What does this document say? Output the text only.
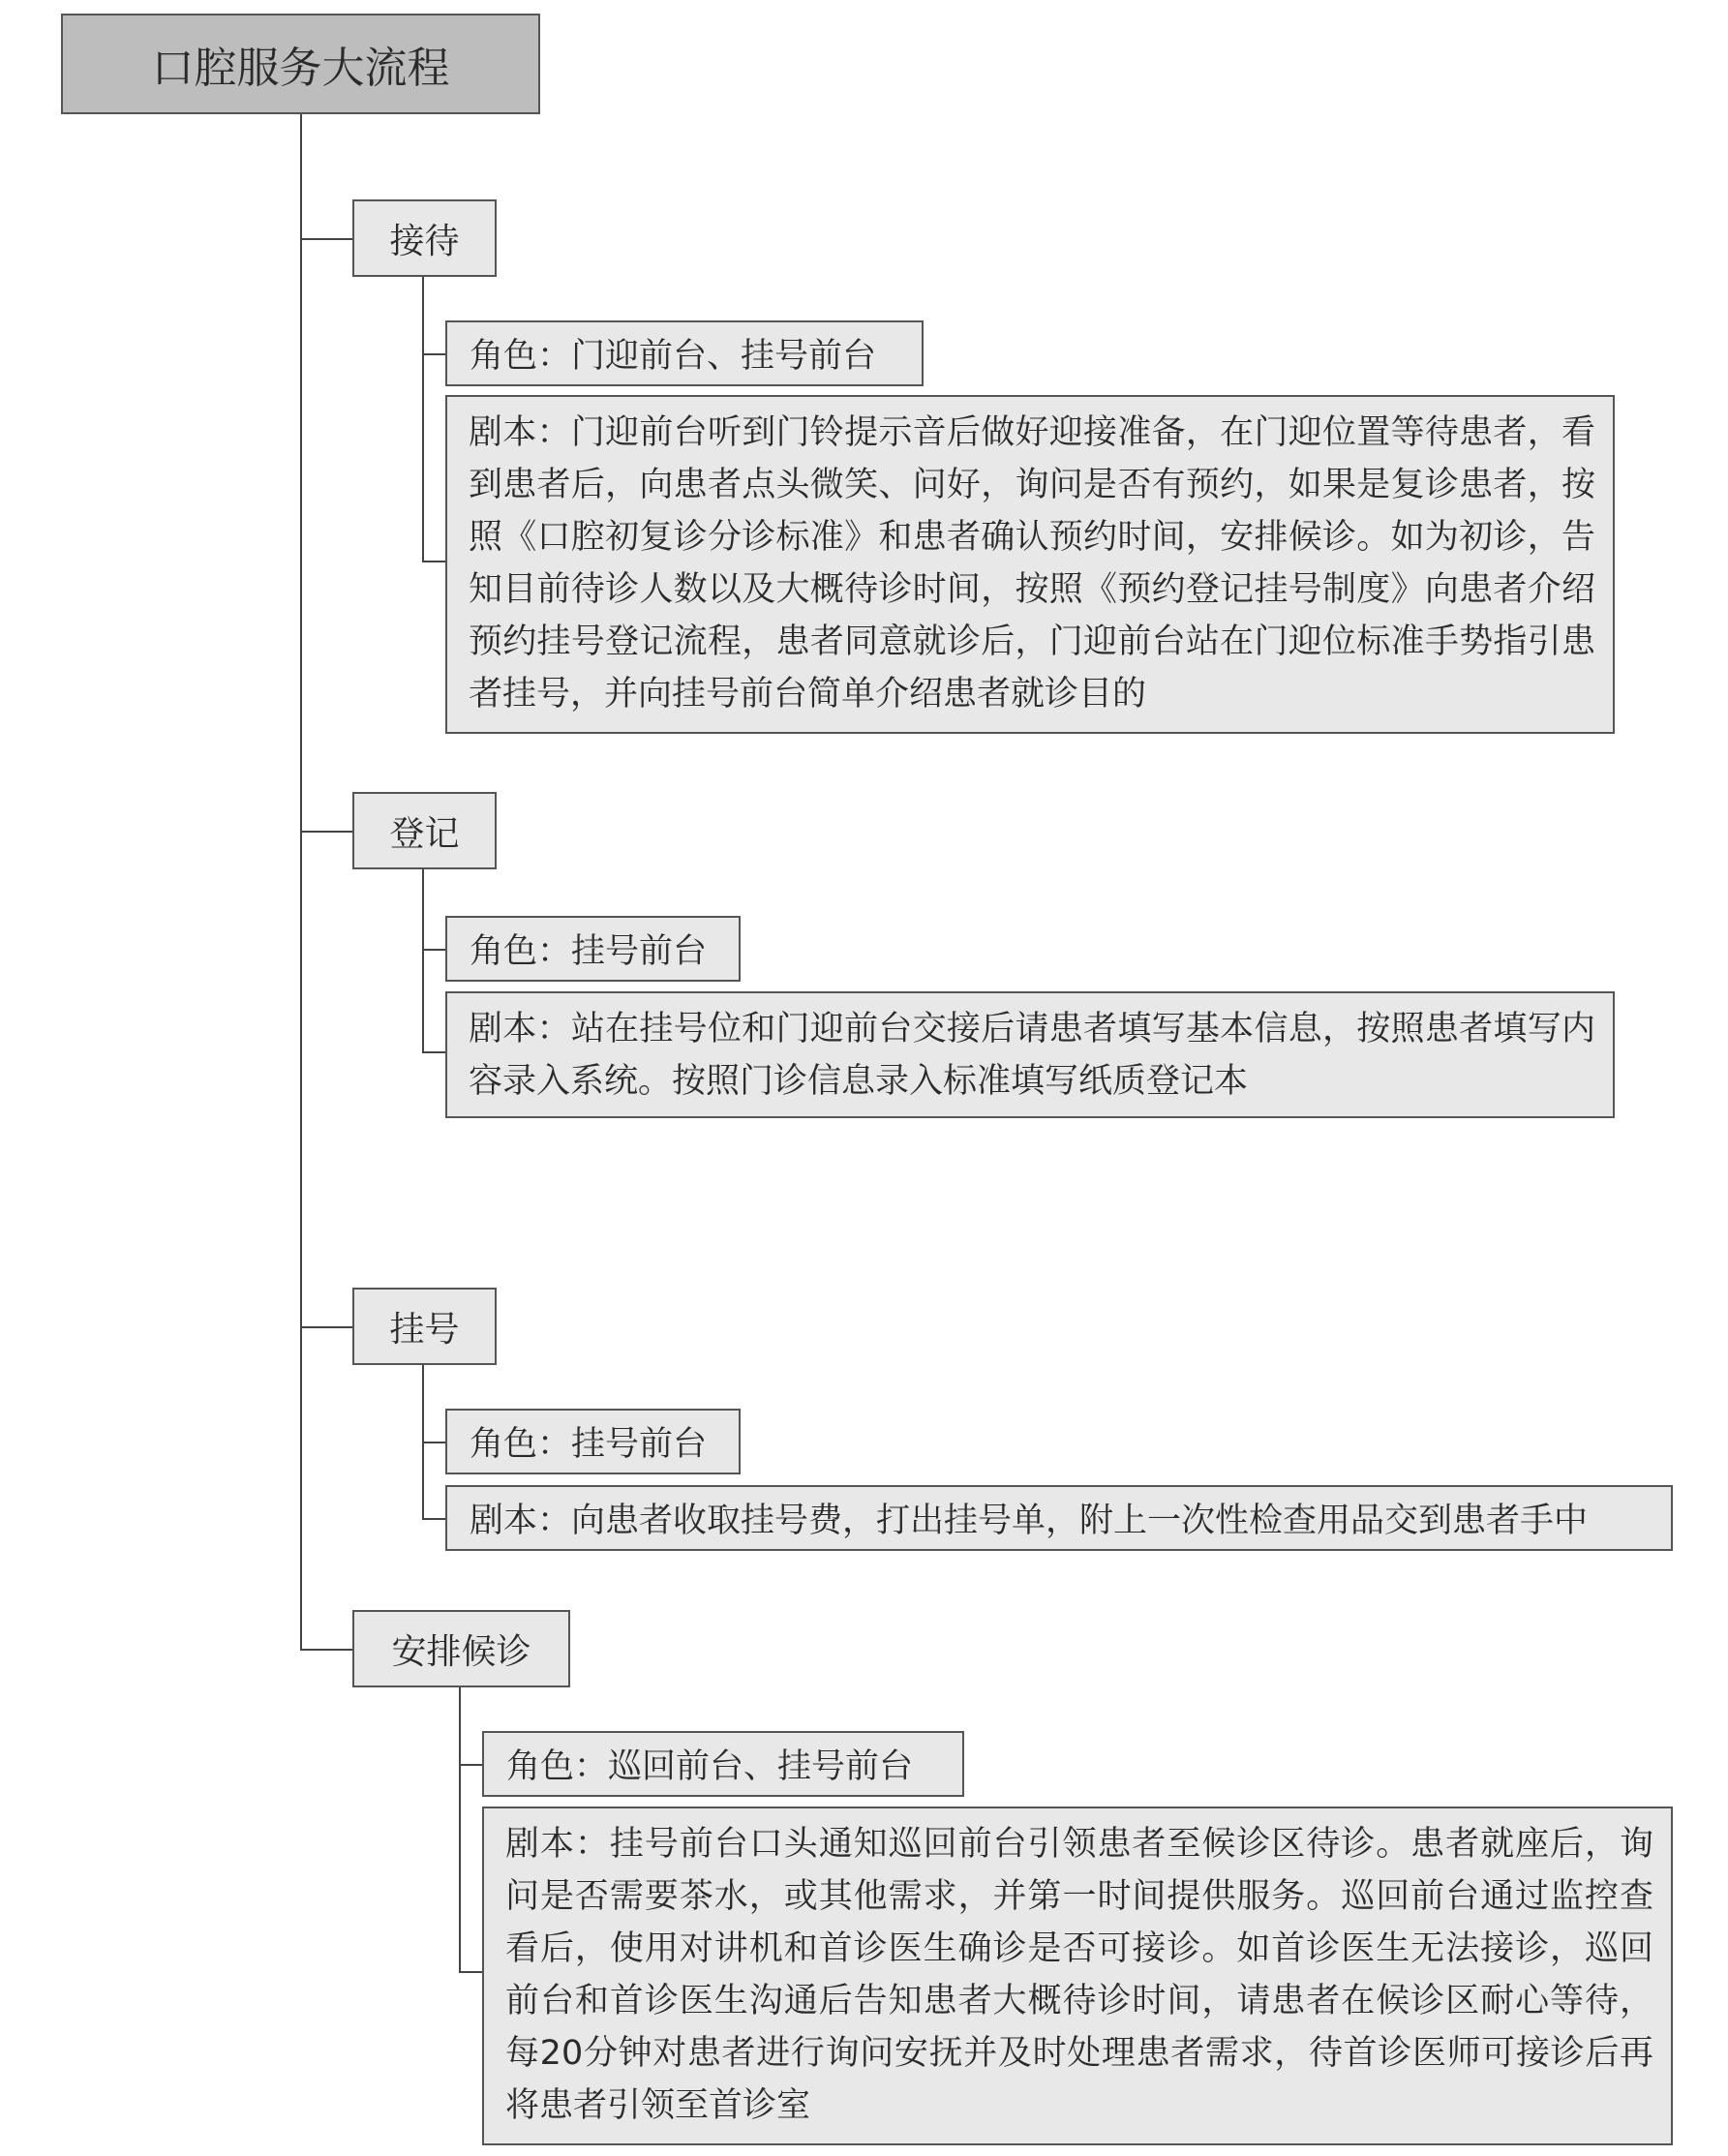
口腔服务大流程
接待
角色：门迎前台、挂号前台
剧本：门迎前台听到门铃提示音后做好迎接准备，在门迎位置等待患者，看到患者后，向患者点头微笑、问好，询问是否有预约，如果是复诊患者，按照《口腔初复诊分诊标准》和患者确认预约时间，安排候诊。如为初诊，告知目前待诊人数以及大概待诊时间，按照《预约登记挂号制度》向患者介绍预约挂号登记流程，患者同意就诊后，门迎前台站在门迎位标准手势指引患者挂号，并向挂号前台简单介绍患者就诊目的
登记
角色：挂号前台
剧本：站在挂号位和门迎前台交接后请患者填写基本信息，按照患者填写内容录入系统。按照门诊信息录入标准填写纸质登记本
挂号
角色：挂号前台
剧本：向患者收取挂号费，打出挂号单，附上一次性检查用品交到患者手中
安排候诊
角色：巡回前台、挂号前台
剧本：挂号前台口头通知巡回前台引领患者至候诊区待诊。患者就座后，询问是否需要茶水，或其他需求，并第一时间提供服务。巡回前台通过监控查看后，使用对讲机和首诊医生确诊是否可接诊。如首诊医生无法接诊，巡回前台和首诊医生沟通后告知患者大概待诊时间，请患者在候诊区耐心等待，每20分钟对患者进行询问安抚并及时处理患者需求，待首诊医师可接诊后再将患者引领至首诊室
